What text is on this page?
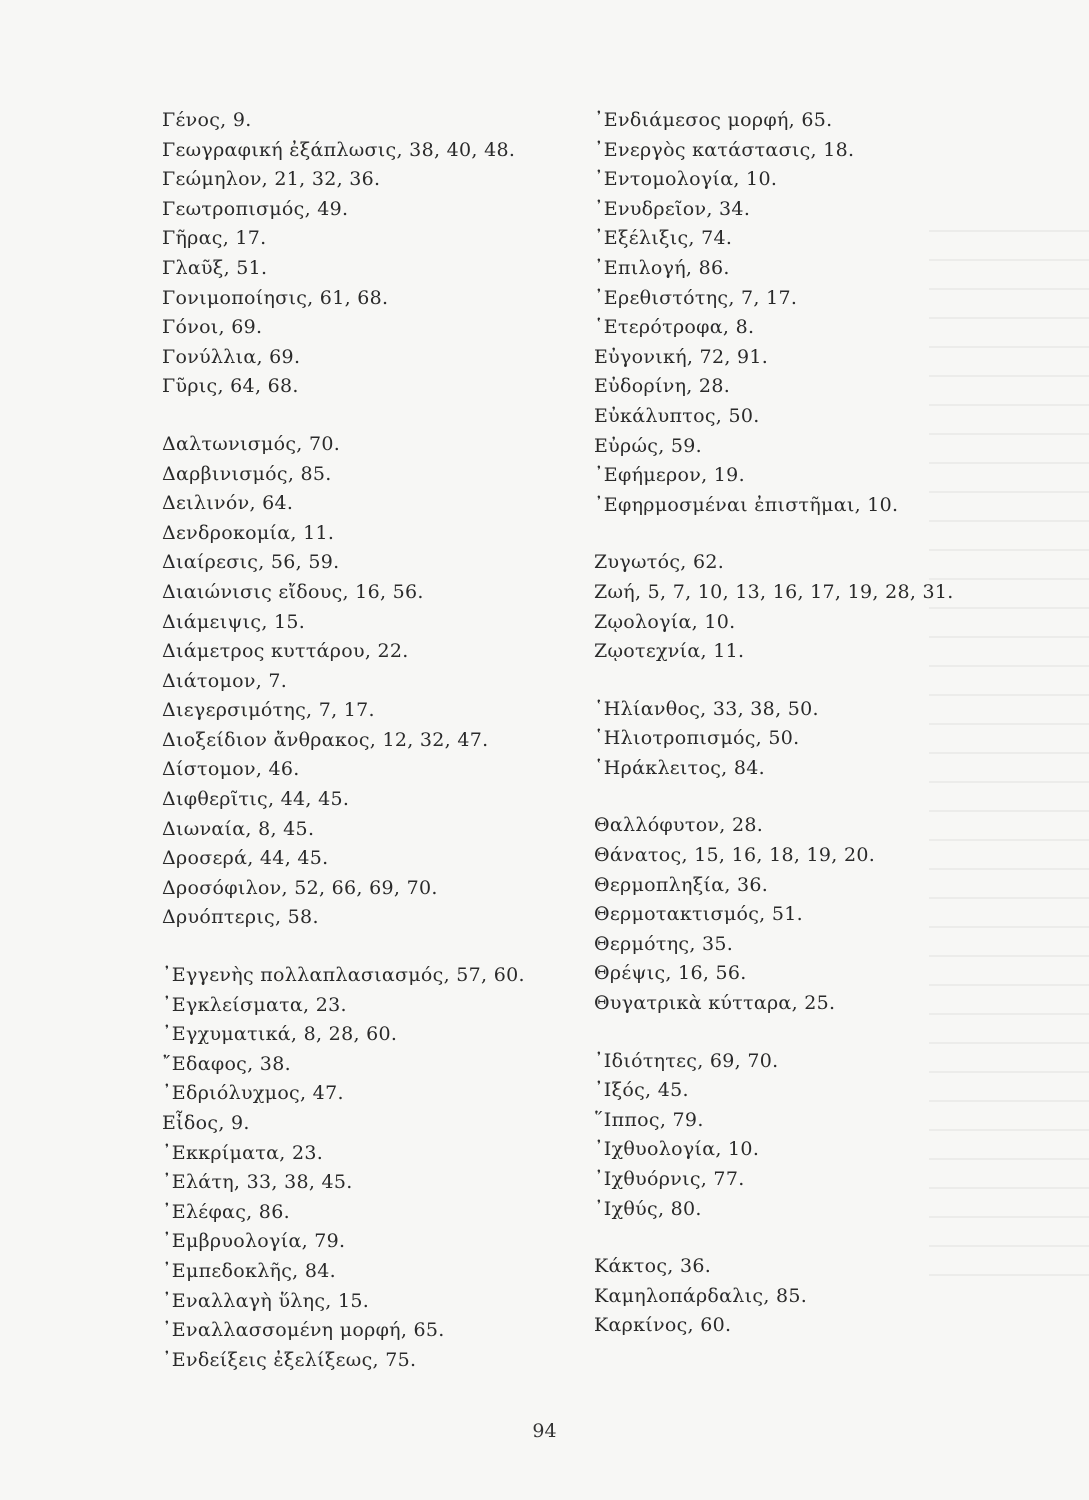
Γένος, 9.
Γεωγραφική ἐξάπλωσις, 38, 40, 48.
Γεώμηλον, 21, 32, 36.
Γεωτροπισμός, 49.
Γῆρας, 17.
Γλαῦξ, 51.
Γονιμοποίησις, 61, 68.
Γόνοι, 69.
Γονύλλια, 69.
Γῦρις, 64, 68.
Δαλτωνισμός, 70.
Δαρβινισμός, 85.
Δειλινόν, 64.
Δενδροκομία, 11.
Διαίρεσις, 56, 59.
Διαιώνισις εἴδους, 16, 56.
Διάμειψις, 15.
Διάμετρος κυττάρου, 22.
Διάτομον, 7.
Διεγερσιμότης, 7, 17.
Διοξείδιον ἄνθρακος, 12, 32, 47.
Δίστομον, 46.
Διφθερῖτις, 44, 45.
Διωναία, 8, 45.
Δροσερά, 44, 45.
Δροσόφιλον, 52, 66, 69, 70.
Δρυόπτερις, 58.
᾿Εγγενὴς πολλαπλασιασμός, 57, 60.
᾿Εγκλείσματα, 23.
᾿Εγχυματικά, 8, 28, 60.
῎Εδαφος, 38.
᾿Εδριόλυχμος, 47.
Εἶδος, 9.
᾿Εκκρίματα, 23.
᾿Ελάτη, 33, 38, 45.
᾿Ελέφας, 86.
᾿Εμβρυολογία, 79.
᾿Εμπεδοκλῆς, 84.
᾿Εναλλαγὴ ὕλης, 15.
᾿Εναλλασσομένη μορφή, 65.
᾿Ενδείξεις ἐξελίξεως, 75.
᾿Ενδιάμεσος μορφή, 65.
᾿Ενεργὸς κατάστασις, 18.
᾿Εντομολογία, 10.
᾿Ενυδρεῖον, 34.
᾿Εξέλιξις, 74.
᾿Επιλογή, 86.
᾿Ερεθιστότης, 7, 17.
῾Ετερότροφα, 8.
Εὐγονική, 72, 91.
Εὐδορίνη, 28.
Εὐκάλυπτος, 50.
Εὐρώς, 59.
᾿Εφήμερον, 19.
᾿Εφηρμοσμέναι ἐπιστῆμαι, 10.
Ζυγωτός, 62.
Ζωή, 5, 7, 10, 13, 16, 17, 19, 28, 31.
Ζῳολογία, 10.
Ζῳοτεχνία, 11.
῾Ηλίανθος, 33, 38, 50.
῾Ηλιοτροπισμός, 50.
῾Ηράκλειτος, 84.
Θαλλόφυτον, 28.
Θάνατος, 15, 16, 18, 19, 20.
Θερμοπληξία, 36.
Θερμοτακτισμός, 51.
Θερμότης, 35.
Θρέψις, 16, 56.
Θυγατρικὰ κύτταρα, 25.
᾿Ιδιότητες, 69, 70.
᾿Ιξός, 45.
῞Ιππος, 79.
᾿Ιχθυολογία, 10.
᾿Ιχθυόρνις, 77.
᾿Ιχθύς, 80.
Κάκτος, 36.
Καμηλοπάρδαλις, 85.
Καρκίνος, 60.
94
